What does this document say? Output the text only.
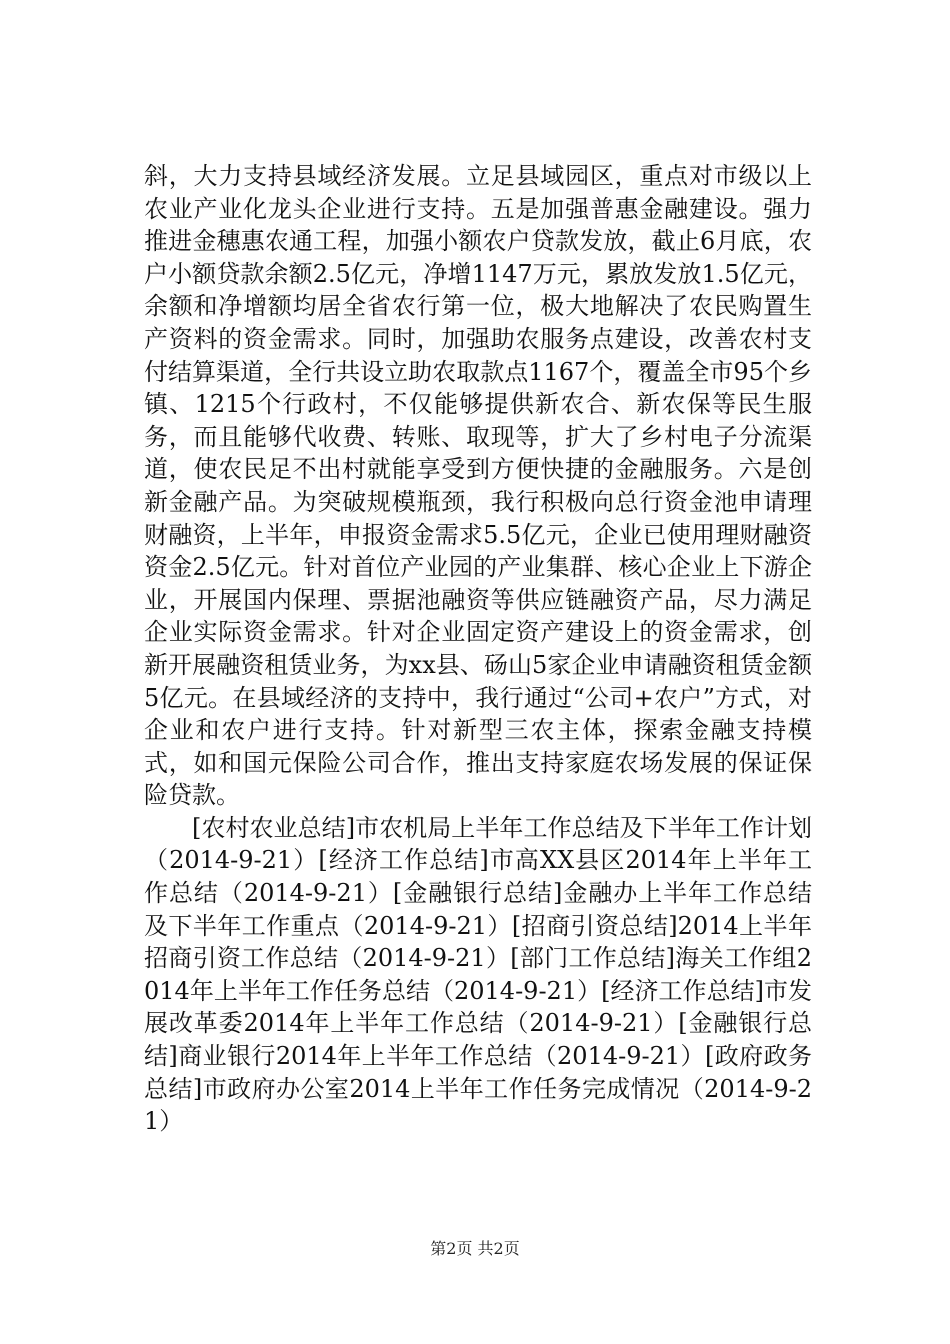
斜，大力支持县域经济发展。立足县域园区，重点对市级以上农业产业化龙头企业进行支持。五是加强普惠金融建设。强力推进金穗惠农通工程，加强小额农户贷款发放，截止6月底，农户小额贷款余额2.5亿元，净增1147万元，累放发放1.5亿元，余额和净增额均居全省农行第一位，极大地解决了农民购置生产资料的资金需求。同时，加强助农服务点建设，改善农村支付结算渠道，全行共设立助农取款点1167个，覆盖全市95个乡镇、1215个行政村，不仅能够提供新农合、新农保等民生服务，而且能够代收费、转账、取现等，扩大了乡村电子分流渠道，使农民足不出村就能享受到方便快捷的金融服务。六是创新金融产品。为突破规模瓶颈，我行积极向总行资金池申请理财融资，上半年，申报资金需求5.5亿元，企业已使用理财融资资金2.5亿元。针对首位产业园的产业集群、核心企业上下游企业，开展国内保理、票据池融资等供应链融资产品，尽力满足企业实际资金需求。针对企业固定资产建设上的资金需求，创新开展融资租赁业务，为xx县、砀山5家企业申请融资租赁金额5亿元。在县域经济的支持中，我行通过“公司+农户”方式，对企业和农户进行支持。针对新型三农主体，探索金融支持模式，如和国元保险公司合作，推出支持家庭农场发展的保证保险贷款。

[农村农业总结]市农机局上半年工作总结及下半年工作计划（2014-9-21）[经济工作总结]市高XX县区2014年上半年工作总结（2014-9-21）[金融银行总结]金融办上半年工作总结及下半年工作重点（2014-9-21）[招商引资总结]2014上半年招商引资工作总结（2014-9-21）[部门工作总结]海关工作组2014年上半年工作任务总结（2014-9-21）[经济工作总结]市发展改革委2014年上半年工作总结（2014-9-21）[金融银行总结]商业银行2014年上半年工作总结（2014-9-21）[政府政务总结]市政府办公室2014上半年工作任务完成情况（2014-9-21）

第2页 共2页
